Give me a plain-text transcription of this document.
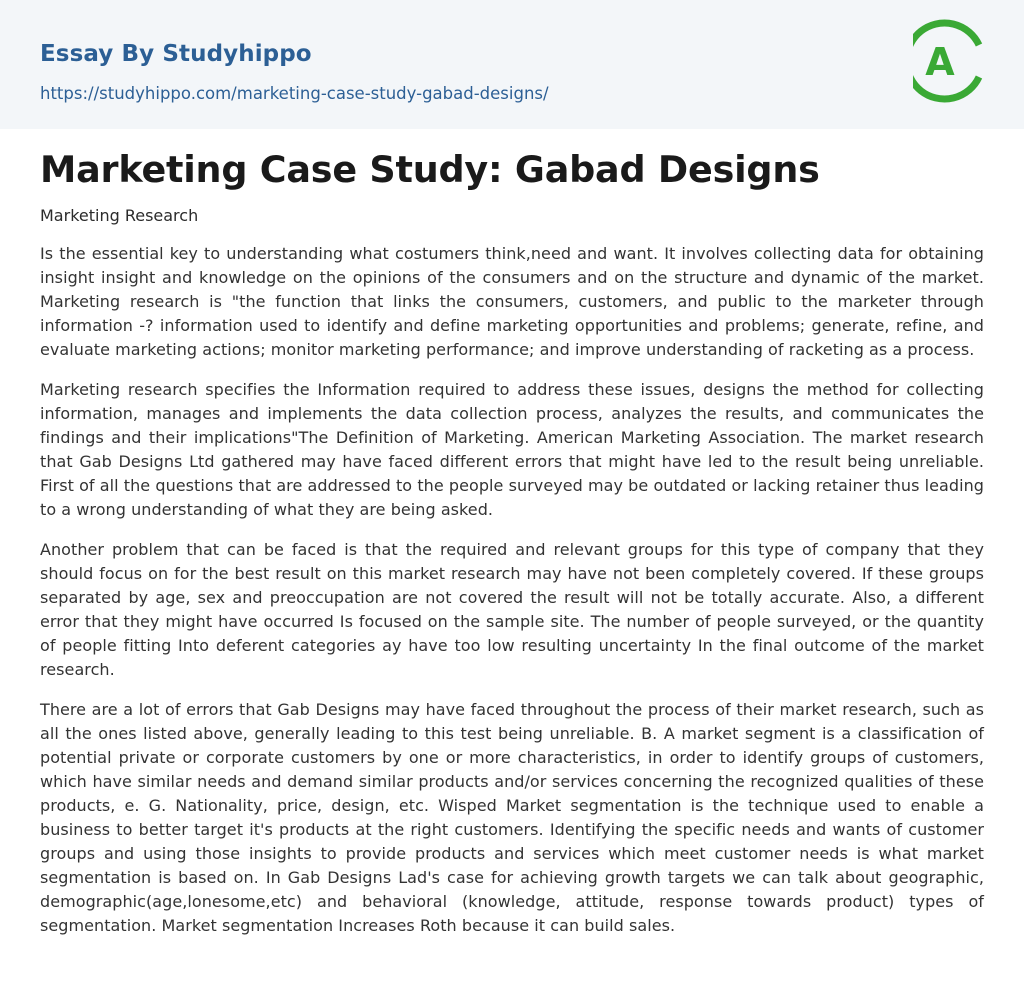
Essay By Studyhippo
https://studyhippo.com/marketing-case-study-gabad-designs/
A
Marketing Case Study: Gabad Designs
Marketing Research

Is the essential key to understanding what costumers think,need and want. It involves collecting data for obtaining insight insight and knowledge on the opinions of the consumers and on the structure and dynamic of the market. Marketing research is "the function that links the consumers, customers, and public to the marketer through information -? information used to identify and define marketing opportunities and problems; generate, refine, and evaluate marketing actions; monitor marketing performance; and improve understanding of racketing as a process.

Marketing research specifies the Information required to address these issues, designs the method for collecting information, manages and implements the data collection process, analyzes the results, and communicates the findings and their implications"The Definition of Marketing. American Marketing Association. The market research that Gab Designs Ltd gathered may have faced different errors that might have led to the result being unreliable. First of all the questions that are addressed to the people surveyed may be outdated or lacking retainer thus leading to a wrong understanding of what they are being asked.

Another problem that can be faced is that the required and relevant groups for this type of company that they should focus on for the best result on this market research may have not been completely covered. If these groups separated by age, sex and preoccupation are not covered the result will not be totally accurate. Also, a different error that they might have occurred Is focused on the sample site. The number of people surveyed, or the quantity of people fitting Into deferent categories ay have too low resulting uncertainty In the final outcome of the market research.

There are a lot of errors that Gab Designs may have faced throughout the process of their market research, such as all the ones listed above, generally leading to this test being unreliable. B. A market segment is a classification of potential private or corporate customers by one or more characteristics, in order to identify groups of customers, which have similar needs and demand similar products and/or services concerning the recognized qualities of these products, e. G. Nationality, price, design, etc. Wisped Market segmentation is the technique used to enable a business to better target it's products at the right customers. Identifying the specific needs and wants of customer groups and using those insights to provide products and services which meet customer needs is what market segmentation is based on. In Gab Designs Lad's case for achieving growth targets we can talk about geographic, demographic(age,lonesome,etc) and behavioral (knowledge, attitude, response towards product) types of segmentation. Market segmentation Increases Roth because it can build sales.
